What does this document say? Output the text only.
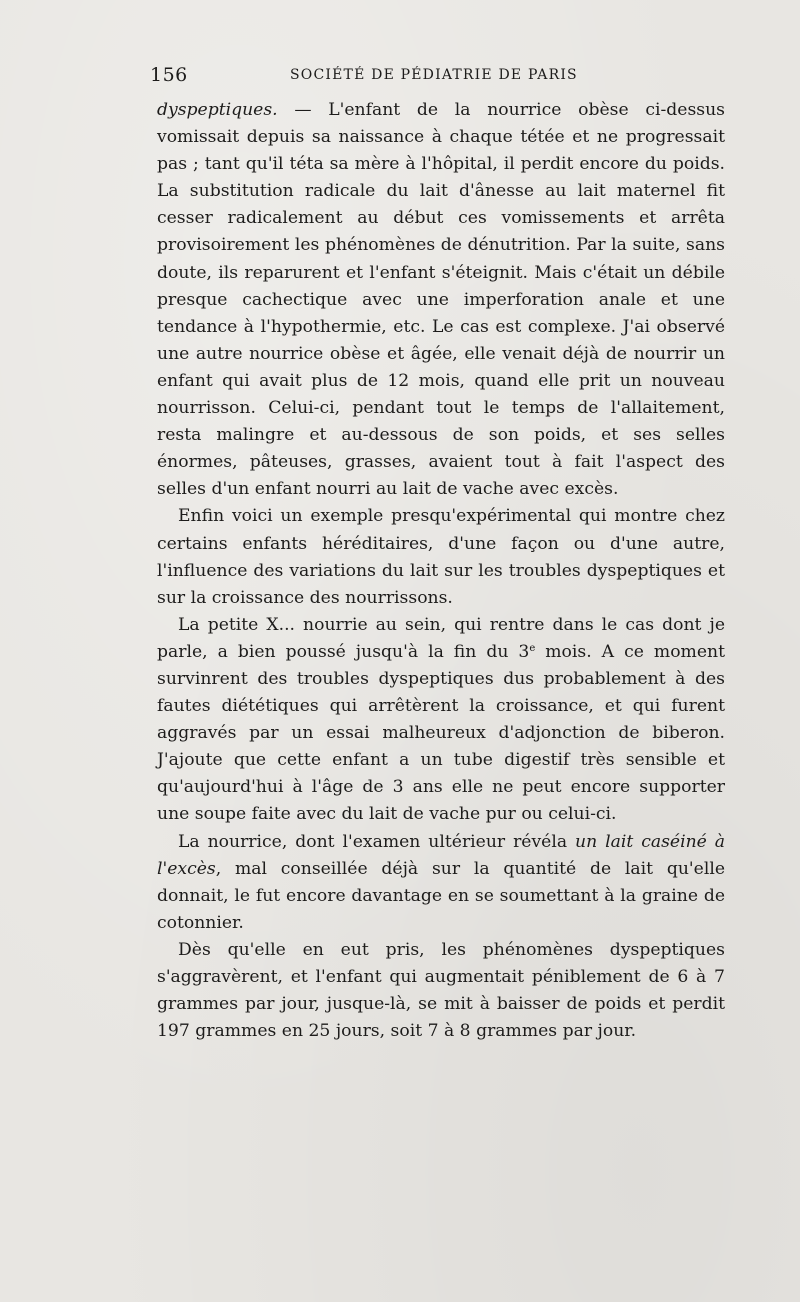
156	SOCIÉTÉ DE PÉDIATRIE DE PARIS

dyspeptiques. — L'enfant de la nourrice obèse ci-dessus vomissait depuis sa naissance à chaque tétée et ne progressait pas ; tant qu'il téta sa mère à l'hôpital, il perdit encore du poids. La substitution radicale du lait d'ânesse au lait maternel fit cesser radicalement au début ces vomissements et arrêta provisoirement les phénomènes de dénutrition. Par la suite, sans doute, ils reparurent et l'enfant s'éteignit. Mais c'était un débile presque cachectique avec une imperforation anale et une tendance à l'hypothermie, etc. Le cas est complexe. J'ai observé une autre nourrice obèse et âgée, elle venait déjà de nourrir un enfant qui avait plus de 12 mois, quand elle prit un nouveau nourrisson. Celui-ci, pendant tout le temps de l'allaitement, resta malingre et au-dessous de son poids, et ses selles énormes, pâteuses, grasses, avaient tout à fait l'aspect des selles d'un enfant nourri au lait de vache avec excès.

Enfin voici un exemple presqu'expérimental qui montre chez certains enfants héréditaires, d'une façon ou d'une autre, l'influence des variations du lait sur les troubles dyspeptiques et sur la croissance des nourrissons.

La petite X... nourrie au sein, qui rentre dans le cas dont je parle, a bien poussé jusqu'à la fin du 3e mois. A ce moment survinrent des troubles dyspeptiques dus probablement à des fautes diététiques qui arrêtèrent la croissance, et qui furent aggravés par un essai malheureux d'adjonction de biberon. J'ajoute que cette enfant a un tube digestif très sensible et qu'aujourd'hui à l'âge de 3 ans elle ne peut encore supporter une soupe faite avec du lait de vache pur ou celui-ci.

La nourrice, dont l'examen ultérieur révéla un lait caséiné à l'excès, mal conseillée déjà sur la quantité de lait qu'elle donnait, le fut encore davantage en se soumettant à la graine de cotonnier.

Dès qu'elle en eut pris, les phénomènes dyspeptiques s'aggravèrent, et l'enfant qui augmentait péniblement de 6 à 7 grammes par jour, jusque-là, se mit à baisser de poids et perdit 197 grammes en 25 jours, soit 7 à 8 grammes par jour.
